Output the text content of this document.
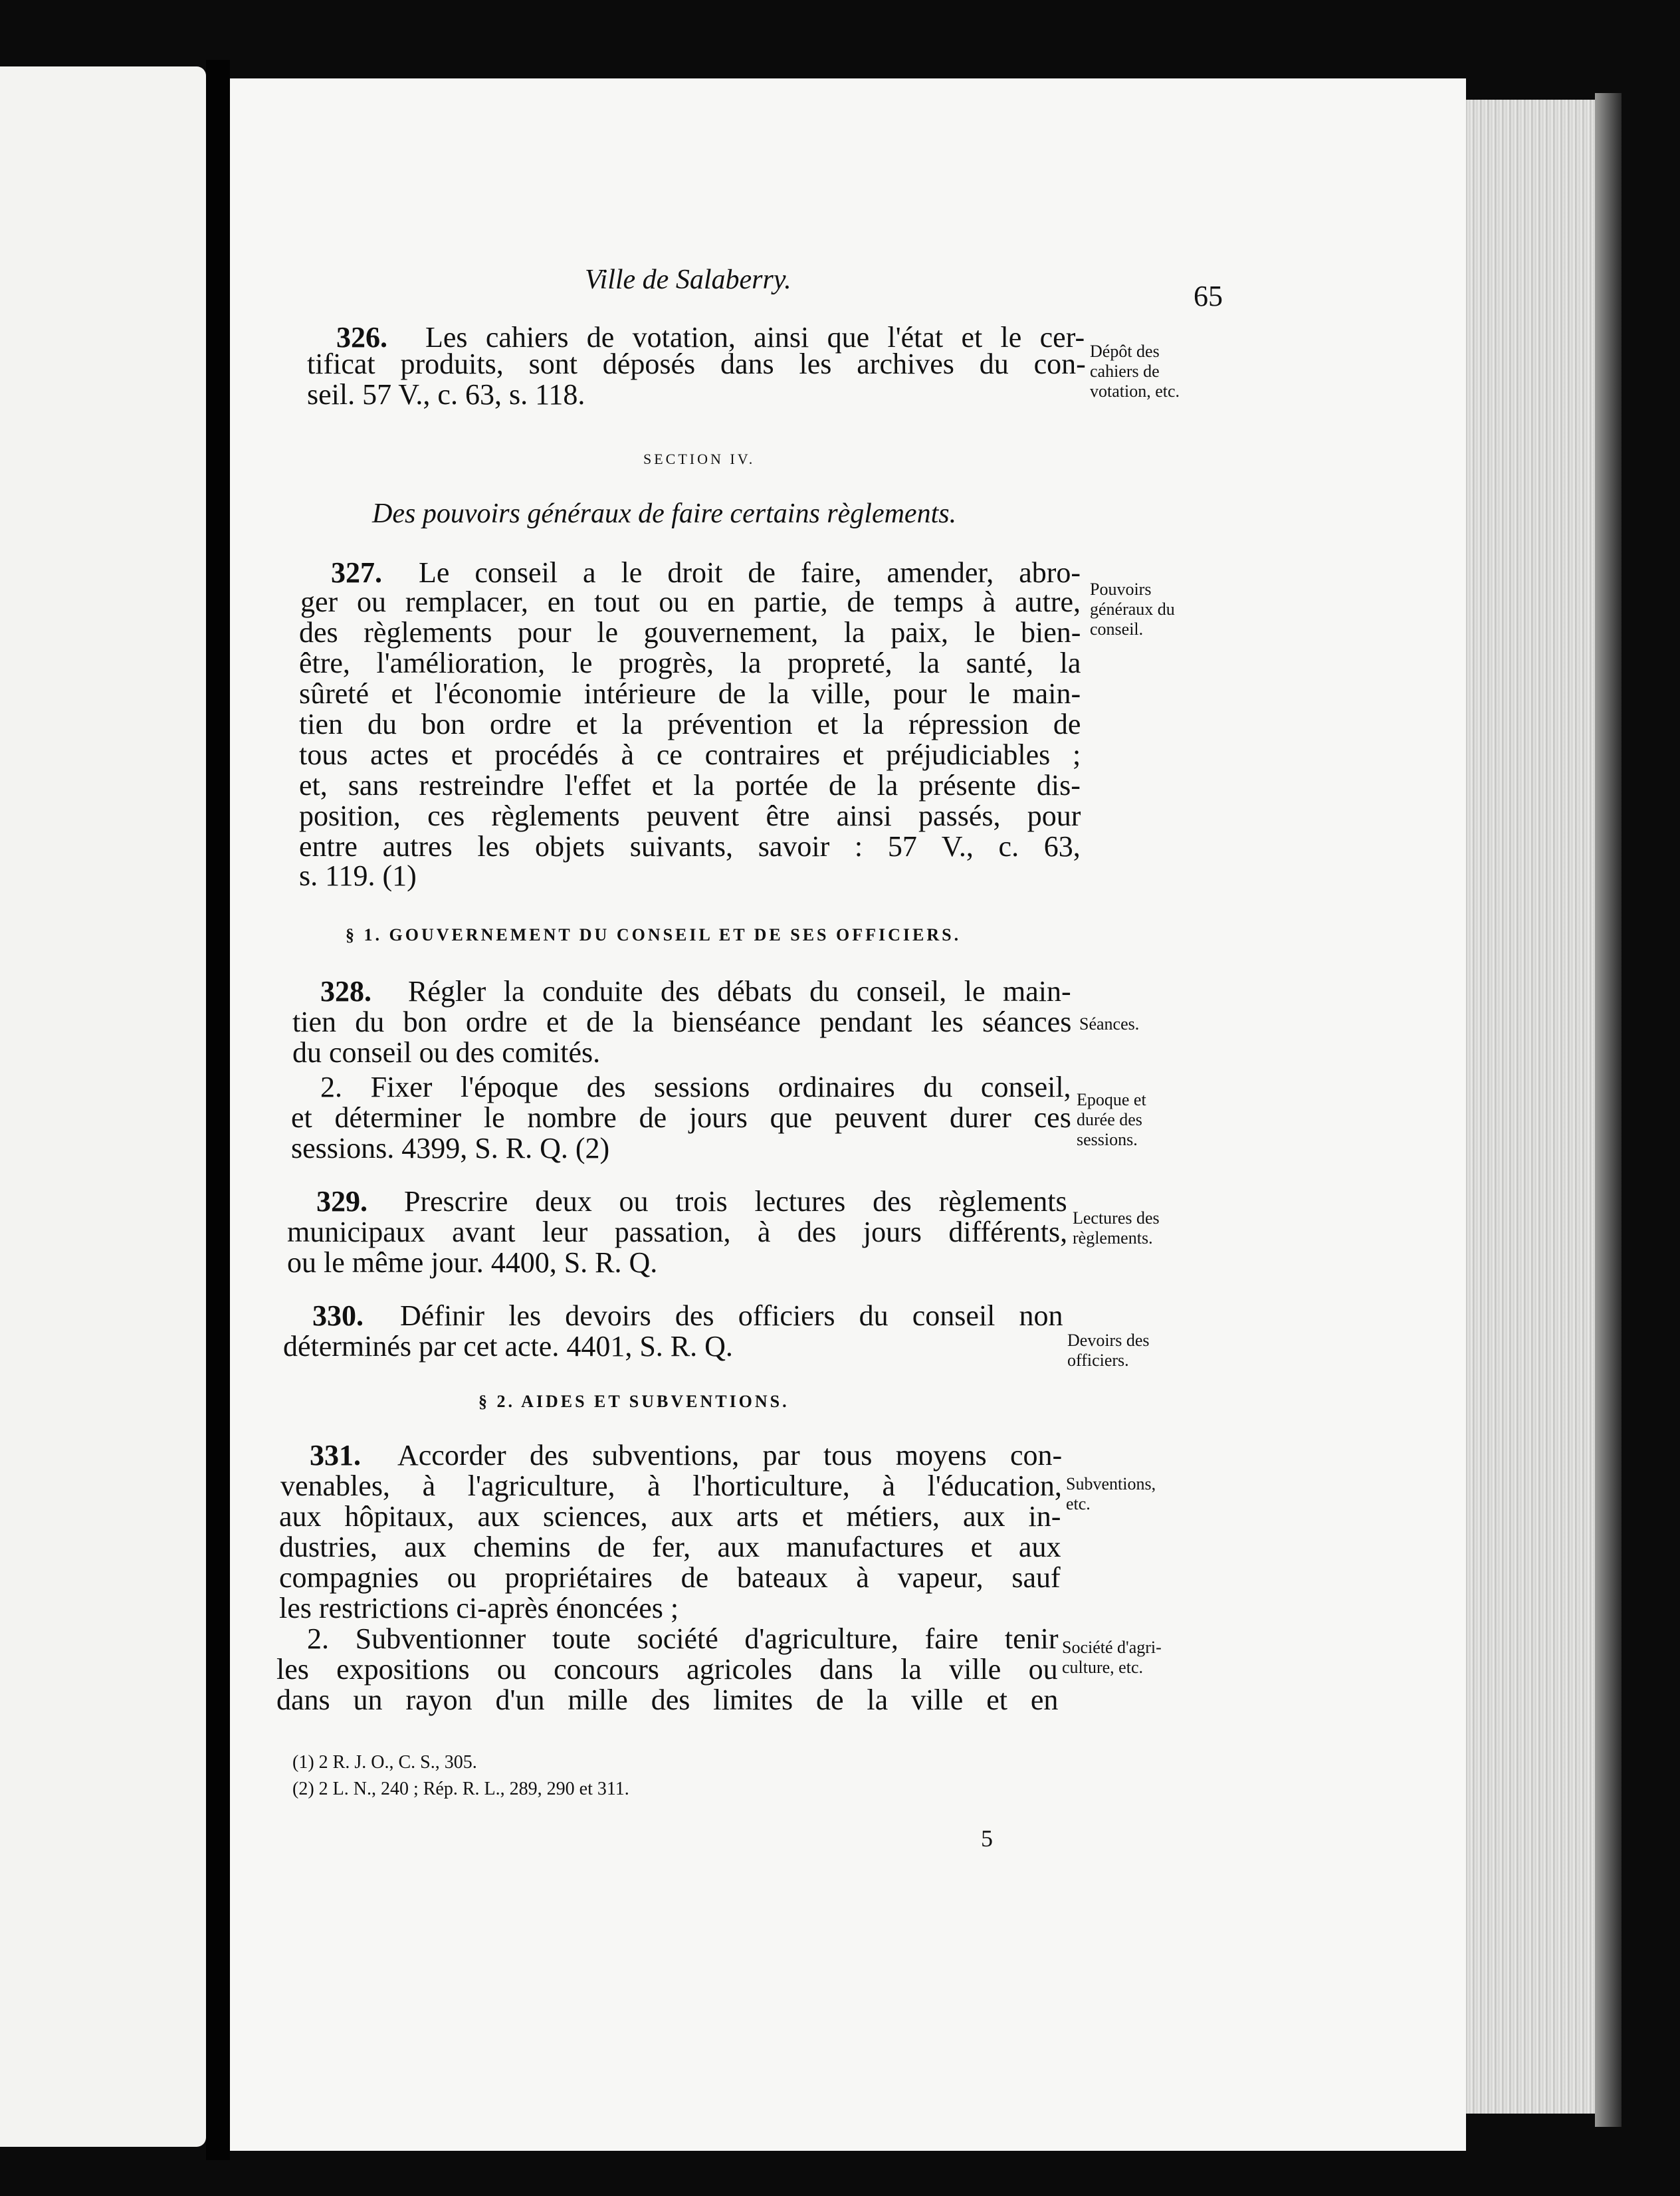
Ville de Salaberry.	65
326. Les cahiers de votation, ainsi que l'état et le cer-
tificat produits, sont déposés dans les archives du con-
seil. 57 V., c. 63, s. 118.
Dépôt des
cahiers de
votation, etc.
SECTION IV.
Des pouvoirs généraux de faire certains règlements.
327. Le conseil a le droit de faire, amender, abro-
ger ou remplacer, en tout ou en partie, de temps à autre,
des règlements pour le gouvernement, la paix, le bien-
être, l'amélioration, le progrès, la propreté, la santé, la
sûreté et l'économie intérieure de la ville, pour le main-
tien du bon ordre et la prévention et la répression de
tous actes et procédés à ce contraires et préjudiciables ;
et, sans restreindre l'effet et la portée de la présente dis-
position, ces règlements peuvent être ainsi passés, pour
entre autres les objets suivants, savoir : 57 V., c. 63,
s. 119. (1)
Pouvoirs
généraux du
conseil.
§ 1. GOUVERNEMENT DU CONSEIL ET DE SES OFFICIERS.
328. Régler la conduite des débats du conseil, le main-
tien du bon ordre et de la bienséance pendant les séances
du conseil ou des comités.
Séances.
2. Fixer l'époque des sessions ordinaires du conseil,
et déterminer le nombre de jours que peuvent durer ces
sessions. 4399, S. R. Q. (2)
Epoque et
durée des
sessions.
329. Prescrire deux ou trois lectures des règlements
municipaux avant leur passation, à des jours différents,
ou le même jour. 4400, S. R. Q.
Lectures des
règlements.
330. Définir les devoirs des officiers du conseil non
déterminés par cet acte. 4401, S. R. Q.	Devoirs des
officiers.
§ 2. AIDES ET SUBVENTIONS.
331. Accorder des subventions, par tous moyens con-
venables, à l'agriculture, à l'horticulture, à l'éducation,
aux hôpitaux, aux sciences, aux arts et métiers, aux in-
dustries, aux chemins de fer, aux manufactures et aux
compagnies ou propriétaires de bateaux à vapeur, sauf
les restrictions ci-après énoncées ;
Subventions,
etc.
2. Subventionner toute société d'agriculture, faire tenir
les expositions ou concours agricoles dans la ville ou
dans un rayon d'un mille des limites de la ville et en
Société d'agri-
culture, etc.
(1) 2 R. J. O., C. S., 305.
(2) 2 L. N., 240 ; Rép. R. L., 289, 290 et 311.
5
